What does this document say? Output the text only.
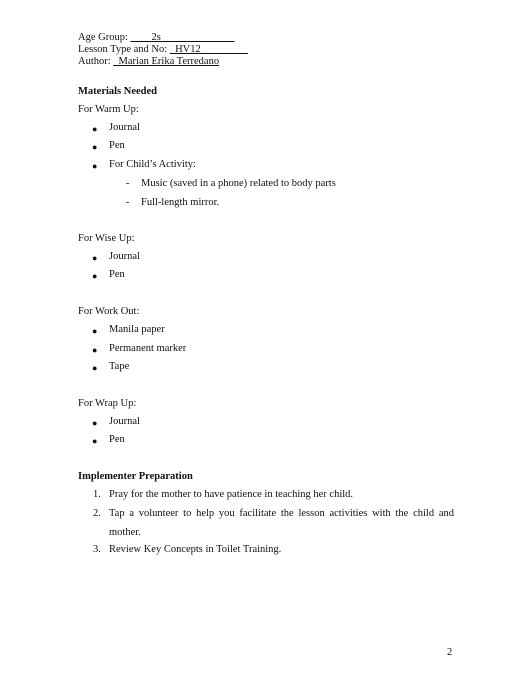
Age Group: ____2s______________
Lesson Type and No: _HV12_________
Author: _Marian Erika Terredano
Materials Needed
For Warm Up:
● Journal
● Pen
● For Child’s Activity:
- Music (saved in a phone) related to body parts
- Full-length mirror.
For Wise Up:
● Journal
● Pen
For Work Out:
● Manila paper
● Permanent marker
● Tape
For Wrap Up:
● Journal
● Pen
Implementer Preparation
1. Pray for the mother to have patience in teaching her child.
2. Tap a volunteer to help you facilitate the lesson activities with the child and mother.
3. Review Key Concepts in Toilet Training.
2
